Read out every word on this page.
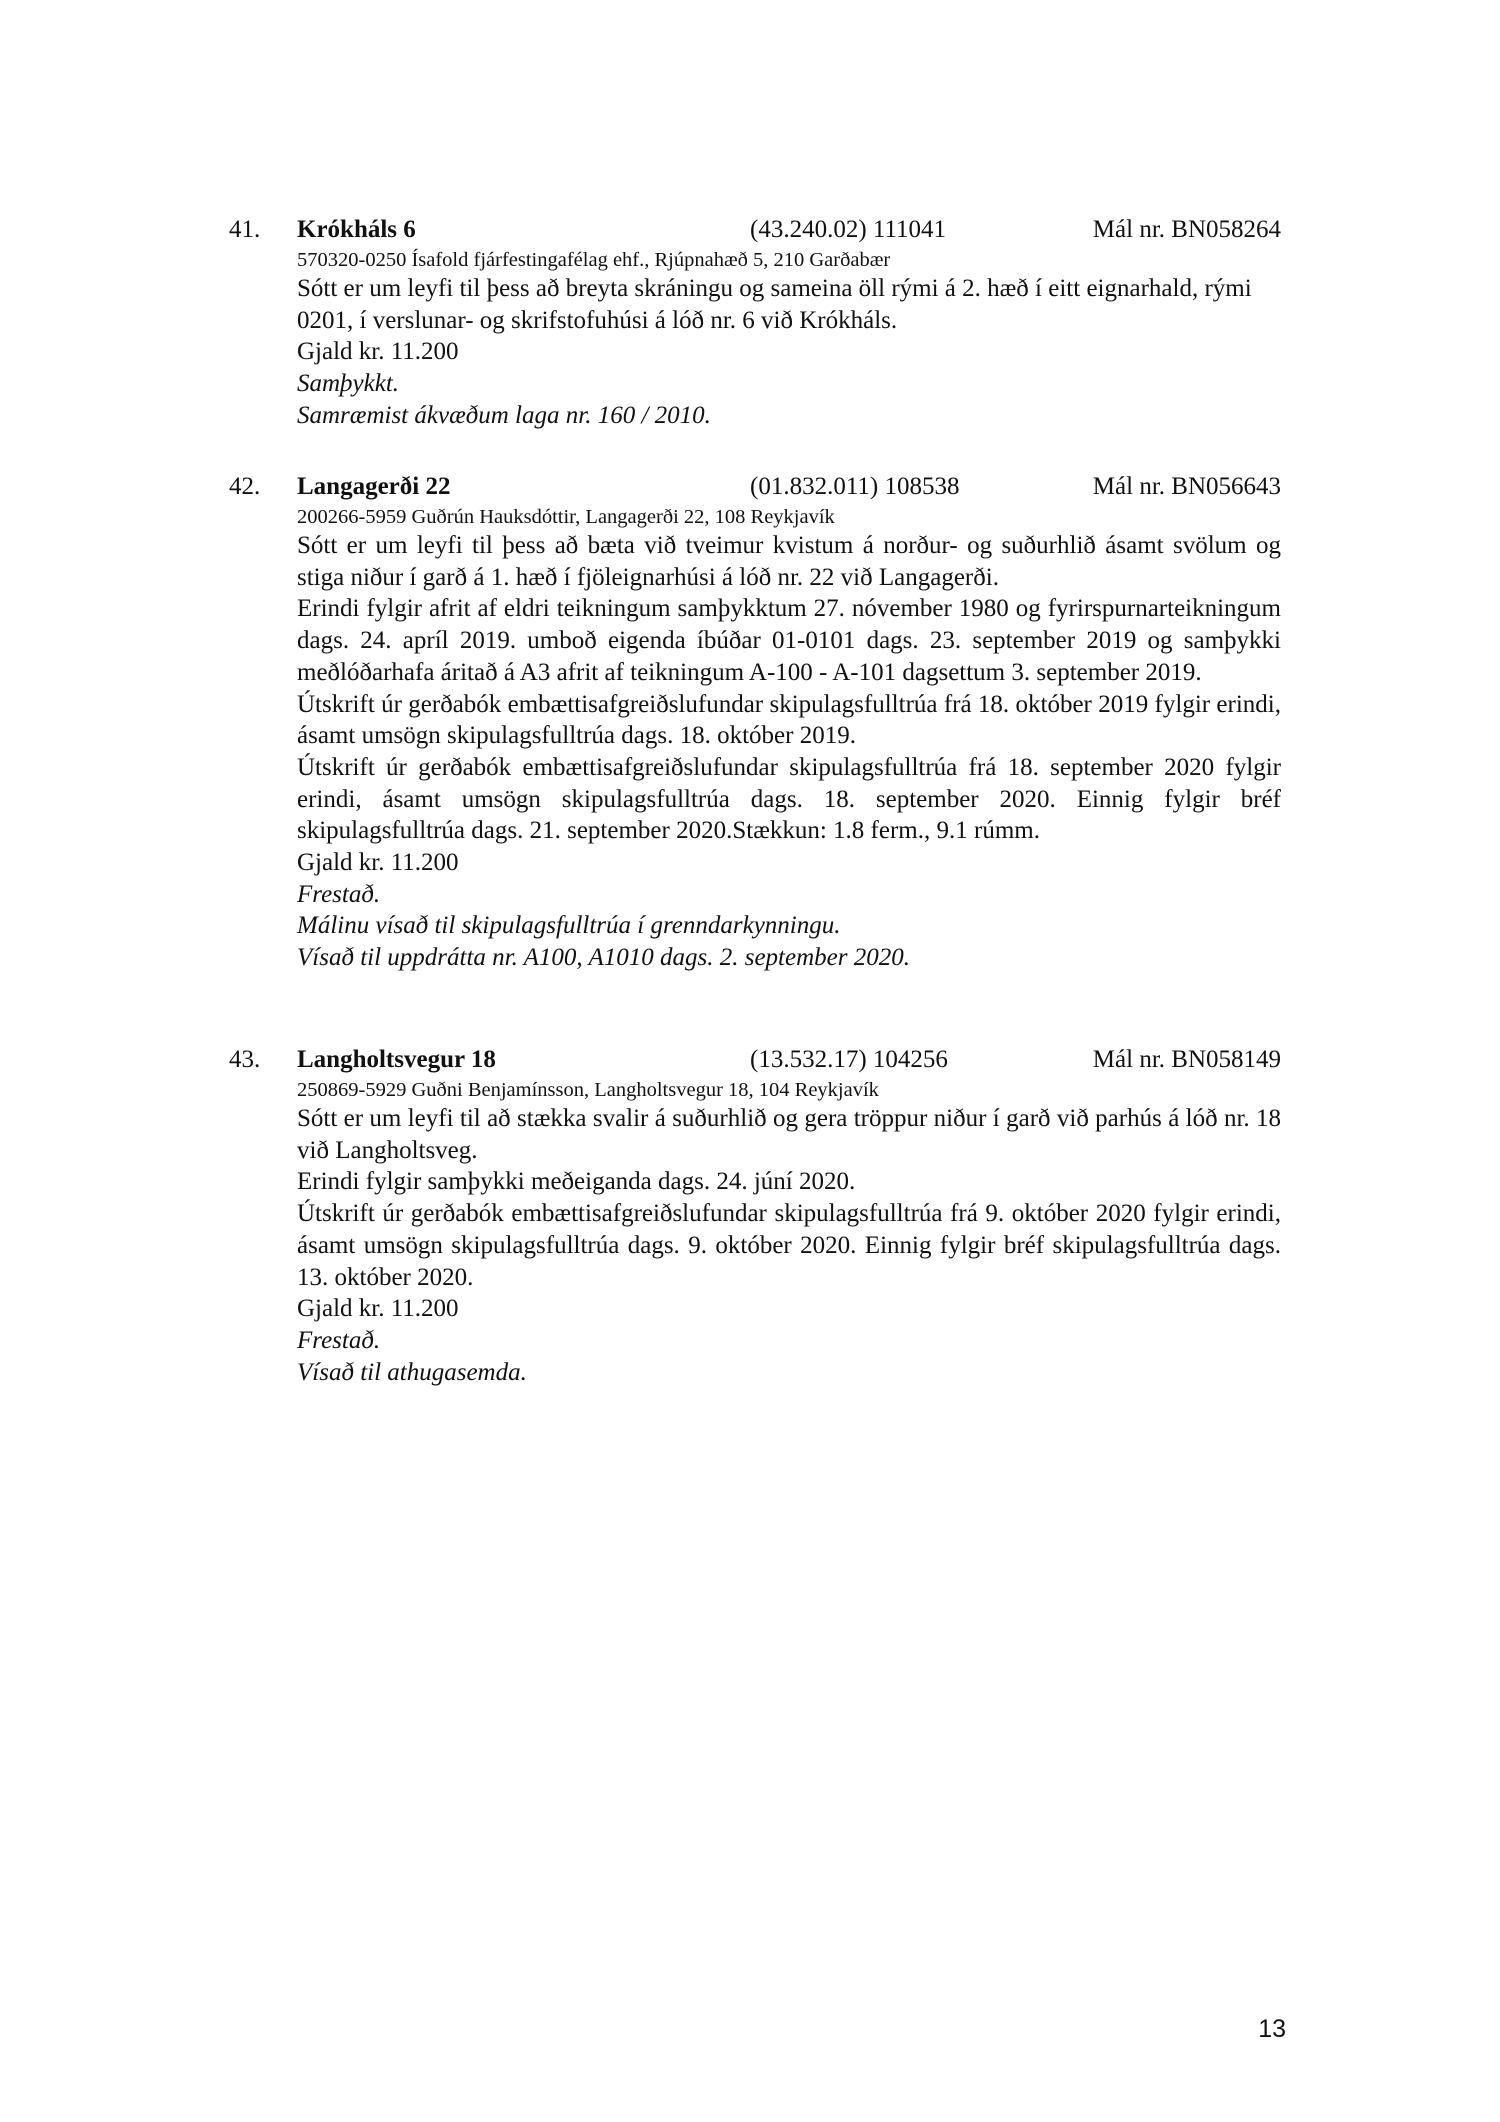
41. Krókháls 6	(43.240.02) 111041	Mál nr. BN058264
570320-0250 Ísafold fjárfestingafélag ehf., Rjúpnahæð 5, 210 Garðabær
Sótt er um leyfi til þess að breyta skráningu og sameina öll rými á 2. hæð í eitt eignarhald, rými 0201, í verslunar- og skrifstofuhúsi á lóð nr. 6 við Krókháls.
Gjald kr. 11.200
Samþykkt.
Samræmist ákvæðum laga nr. 160 / 2010.
42. Langagerði 22	(01.832.011) 108538	Mál nr. BN056643
200266-5959 Guðrún Hauksdóttir, Langagerði 22, 108 Reykjavík
Sótt er um leyfi til þess að bæta við tveimur kvistum á norður- og suðurhlið ásamt svölum og stiga niður í garð á 1. hæð í fjöleignarhúsi á lóð nr. 22 við Langagerði.
Erindi fylgir afrit af eldri teikningum samþykktum 27. nóvember 1980 og fyrirspurnarteikningum dags. 24. apríl 2019. umboð eigenda íbúðar 01-0101 dags. 23. september 2019 og samþykki meðlóðarhafa áritað á A3 afrit af teikningum A-100 - A-101 dagsettum 3. september 2019.
Útskrift úr gerðabók embættisafgreiðslufundar skipulagsfulltrúa frá 18. október 2019 fylgir erindi, ásamt umsögn skipulagsfulltrúa dags. 18. október 2019.
Útskrift úr gerðabók embættisafgreiðslufundar skipulagsfulltrúa frá 18. september 2020 fylgir erindi, ásamt umsögn skipulagsfulltrúa dags. 18. september 2020. Einnig fylgir bréf skipulagsfulltrúa dags. 21. september 2020.Stækkun: 1.8 ferm., 9.1 rúmm.
Gjald kr. 11.200
Frestað.
Málinu vísað til skipulagsfulltrúa í grenndarkynningu.
Vísað til uppdrátta nr. A100, A1010 dags. 2. september 2020.
43. Langholtsvegur 18	(13.532.17) 104256	Mál nr. BN058149
250869-5929 Guðni Benjamínsson, Langholtsvegur 18, 104 Reykjavík
Sótt er um leyfi til að stækka svalir á suðurhlið og gera tröppur niður í garð við parhús á lóð nr. 18 við Langholtsveg.
Erindi fylgir samþykki meðeiganda dags. 24. júní 2020.
Útskrift úr gerðabók embættisafgreiðslufundar skipulagsfulltrúa frá 9. október 2020 fylgir erindi, ásamt umsögn skipulagsfulltrúa dags. 9. október 2020. Einnig fylgir bréf skipulagsfulltrúa dags. 13. október 2020.
Gjald kr. 11.200
Frestað.
Vísað til athugasemda.
13
